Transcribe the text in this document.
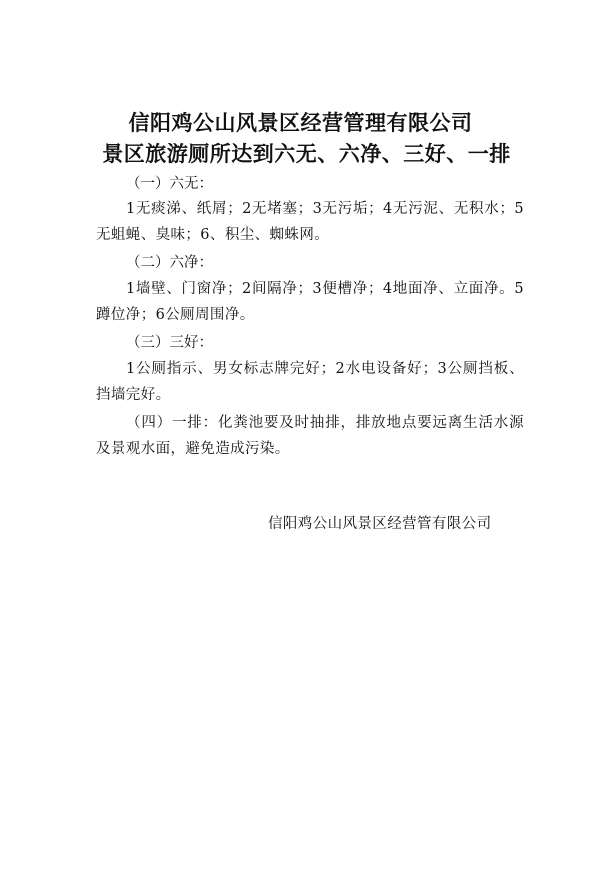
信阳鸡公山风景区经营管理有限公司
景区旅游厕所达到六无、六净、三好、一排
（一）六无：
1无痰涕、纸屑；2无堵塞；3无污垢；4无污泥、无积水；5无蛆蝇、臭味；6、积尘、蜘蛛网。
（二）六净：
1墙壁、门窗净；2间隔净；3便槽净；4地面净、立面净。5蹲位净；6公厕周围净。
（三）三好：
1公厕指示、男女标志牌完好；2水电设备好；3公厕挡板、挡墙完好。
（四）一排：化粪池要及时抽排，排放地点要远离生活水源及景观水面，避免造成污染。
信阳鸡公山风景区经营管有限公司
